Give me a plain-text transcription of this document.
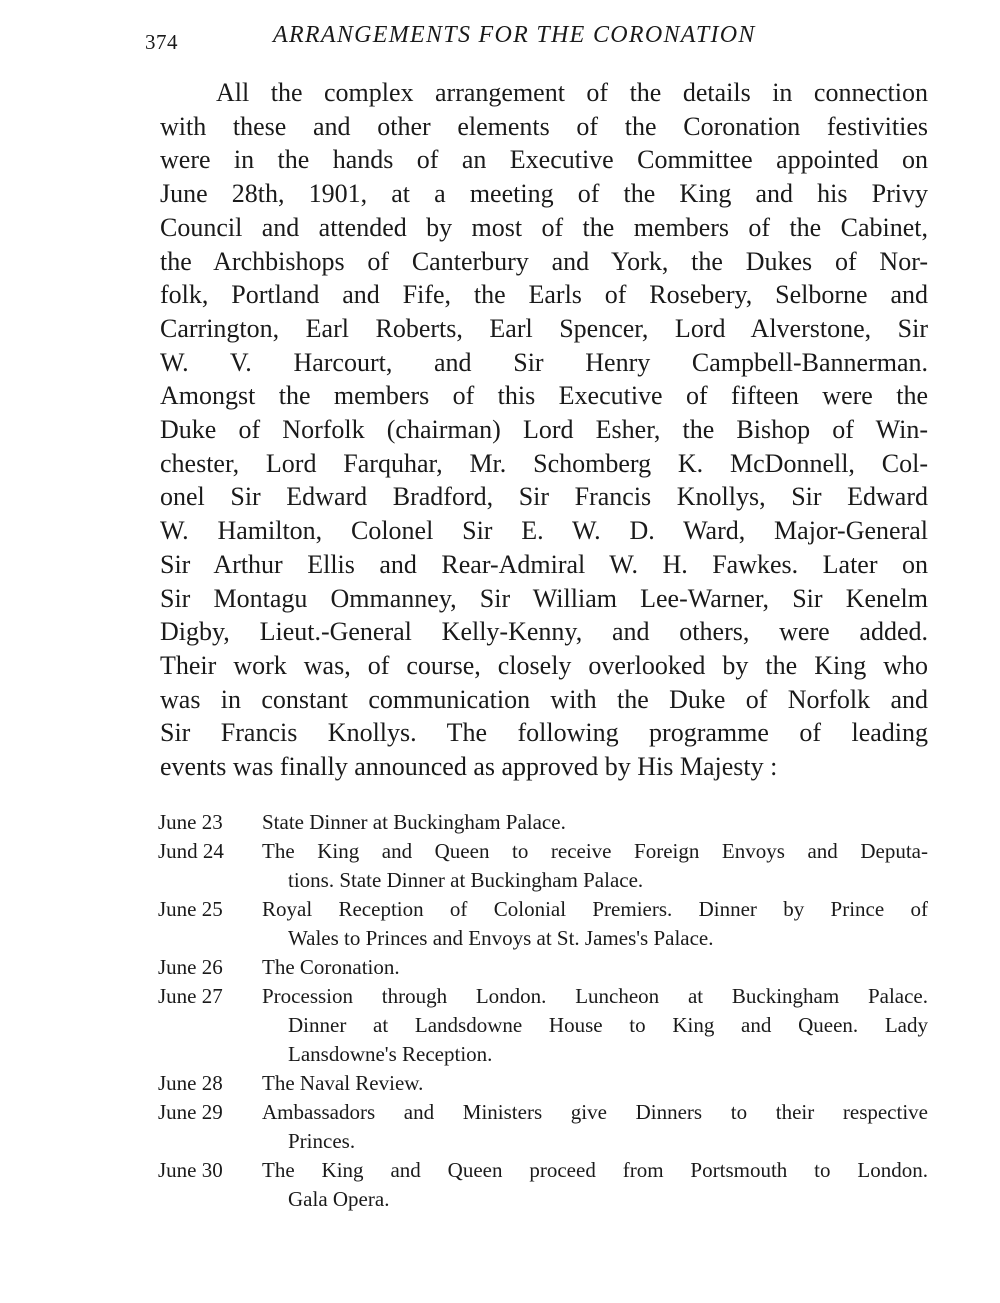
374	ARRANGEMENTS FOR THE CORONATION
All the complex arrangement of the details in connection
with these and other elements of the Coronation festivities
were in the hands of an Executive Committee appointed on
June 28th, 1901, at a meeting of the King and his Privy
Council and attended by most of the members of the Cabinet,
the Archbishops of Canterbury and York, the Dukes of Nor-
folk, Portland and Fife, the Earls of Rosebery, Selborne and
Carrington, Earl Roberts, Earl Spencer, Lord Alverstone, Sir
W. V. Harcourt, and Sir Henry Campbell-Bannerman.
Amongst the members of this Executive of fifteen were the
Duke of Norfolk (chairman) Lord Esher, the Bishop of Win-
chester, Lord Farquhar, Mr. Schomberg K. McDonnell, Col-
onel Sir Edward Bradford, Sir Francis Knollys, Sir Edward
W. Hamilton, Colonel Sir E. W. D. Ward, Major-General
Sir Arthur Ellis and Rear-Admiral W. H. Fawkes. Later on
Sir Montagu Ommanney, Sir William Lee-Warner, Sir Kenelm
Digby, Lieut.-General Kelly-Kenny, and others, were added.
Their work was, of course, closely overlooked by the King who
was in constant communication with the Duke of Norfolk and
Sir Francis Knollys. The following programme of leading
events was finally announced as approved by His Majesty :
June 23	State Dinner at Buckingham Palace.
Jund 24	The King and Queen to receive Foreign Envoys and Deputa-
tions. State Dinner at Buckingham Palace.
June 25	Royal Reception of Colonial Premiers. Dinner by Prince of
Wales to Princes and Envoys at St. James's Palace.
June 26	The Coronation.
June 27	Procession through London. Luncheon at Buckingham Palace.
Dinner at Landsdowne House to King and Queen. Lady
Lansdowne's Reception.
June 28	The Naval Review.
June 29	Ambassadors and Ministers give Dinners to their respective
Princes.
June 30	The King and Queen proceed from Portsmouth to London.
Gala Opera.
